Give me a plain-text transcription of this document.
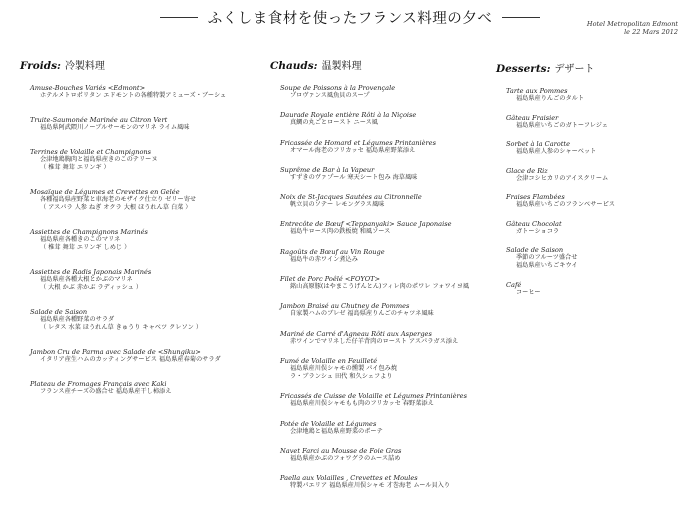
ふくしま食材を使ったフランス料理の夕べ	Hotel Metropolitan Edmont
le 22 Mars 2012
Froids: 冷製料理
Amuse-Bouches Variés <Edmont>
ホテルメトロポリタン エドモントの各種特製アミューズ・ブーシュ
Truite-Saumonée Marinée au Citron Vert
福島県阿武隈川ノーブルサーモンのマリネ ライム風味
Terrines de Volaille et Champignons
会津地鶏胸肉と福島県産きのこのテリーヌ
（ 椎茸 舞茸 エリンギ ）
Mosaïque de Légumes et Crevettes en Gelée
各種福島県産野菜と車海老のモザイク仕立り ゼリー寄せ
（ アスパラ 人参 ねぎ オクラ 大根 ほうれん草 白菜 ）
Assiettes de Champignons Marinés
福島県産各種きのこのマリネ
（ 椎茸 舞茸 エリンギ しめじ ）
Assiettes de Radis Japonais Marinés
福島県産各種大根とかぶのマリネ
（ 大根 かぶ 赤かぶ ラディッシュ ）
Salade de Saison
福島県産各種野菜のサラダ
（ レタス 水菜 ほうれん草 きゅうり キャベツ クレソン ）
Jambon Cru de Parma avec Salade de <Shungiku>
イタリア産生ハムのカッティングサービス 福島県産春菊のサラダ
Plateau de Fromages Français avec Kaki
フランス産チーズの盛合せ 福島県産干し柿添え
Chauds: 温製料理
Soupe de Poissons à la Provençale
プロヴァンス風魚貝のスープ
Daurade Royale entière Rôti à la Niçoise
真鯛の丸ごとロースト ニース風
Fricassée de Homard et Légumes Printanières
オマール海老のフリカッセ 福島県産野菜添え
Suprême de Bar à la Vapeur
すずきのヴァプール 寒天シート包み 海草風味
Noix de St-Jacques Sautées au Citronnelle
帆立貝のソテー レモングラス風味
Entrecôte de Bœuf <Teppanyaki> Sauce Japonaise
福島牛ロース肉の鉄板焼 和風ソース
Ragoûts de Bœuf au Vin Rouge
福島牛の赤ワイン煮込み
Filet de Porc Poêlé <FOYOT>
銘山高原豚(はやまこうげんとん)フィレ肉のポワレ フォワイヨ風
Jambon Braisé au Chutney de Pommes
自家製ハムのブレゼ 福島県産りんごのチャツネ風味
Mariné de Carré d'Agneau Rôti aux Asperges
赤ワインでマリネした仔羊背肉のロースト アスパラガス添え
Fumé de Volaille en Feuilleté
福島県産川俣シャモの燻製 パイ包み焼
ラ・ブランシュ 田代 和久シェフより
Fricassés de Cuisse de Volaille et Légumes Printanières
福島県産川俣シャモもも肉のフリカッセ 春野菜添え
Potée de Volaille et Légumes
会津地鶏と福島県産野菜のポーテ
Navet Farci au Mousse de Foie Gras
福島県産かぶのフォワグラのムース詰め
Paella aux Volailles , Crevettes et Moules
特製パエリア 福島県産川俣シャモ 才巻海老 ムール貝入り
Desserts: デザート
Tarte aux Pommes
福島県産りんごのタルト
Gâteau Fraisier
福島県産いちごのガトーフレジェ
Sorbet à la Carotte
福島県産人参のシャーベット
Glace de Riz
会津コシヒカリのアイスクリーム
Fraises Flambées
福島県産いちごのフランベサーピス
Gâteau Chocolat
ガトーショコラ
Salade de Saison
季節のフルーツ盛合せ
福島県産いちごキウイ
Café
コーヒー
